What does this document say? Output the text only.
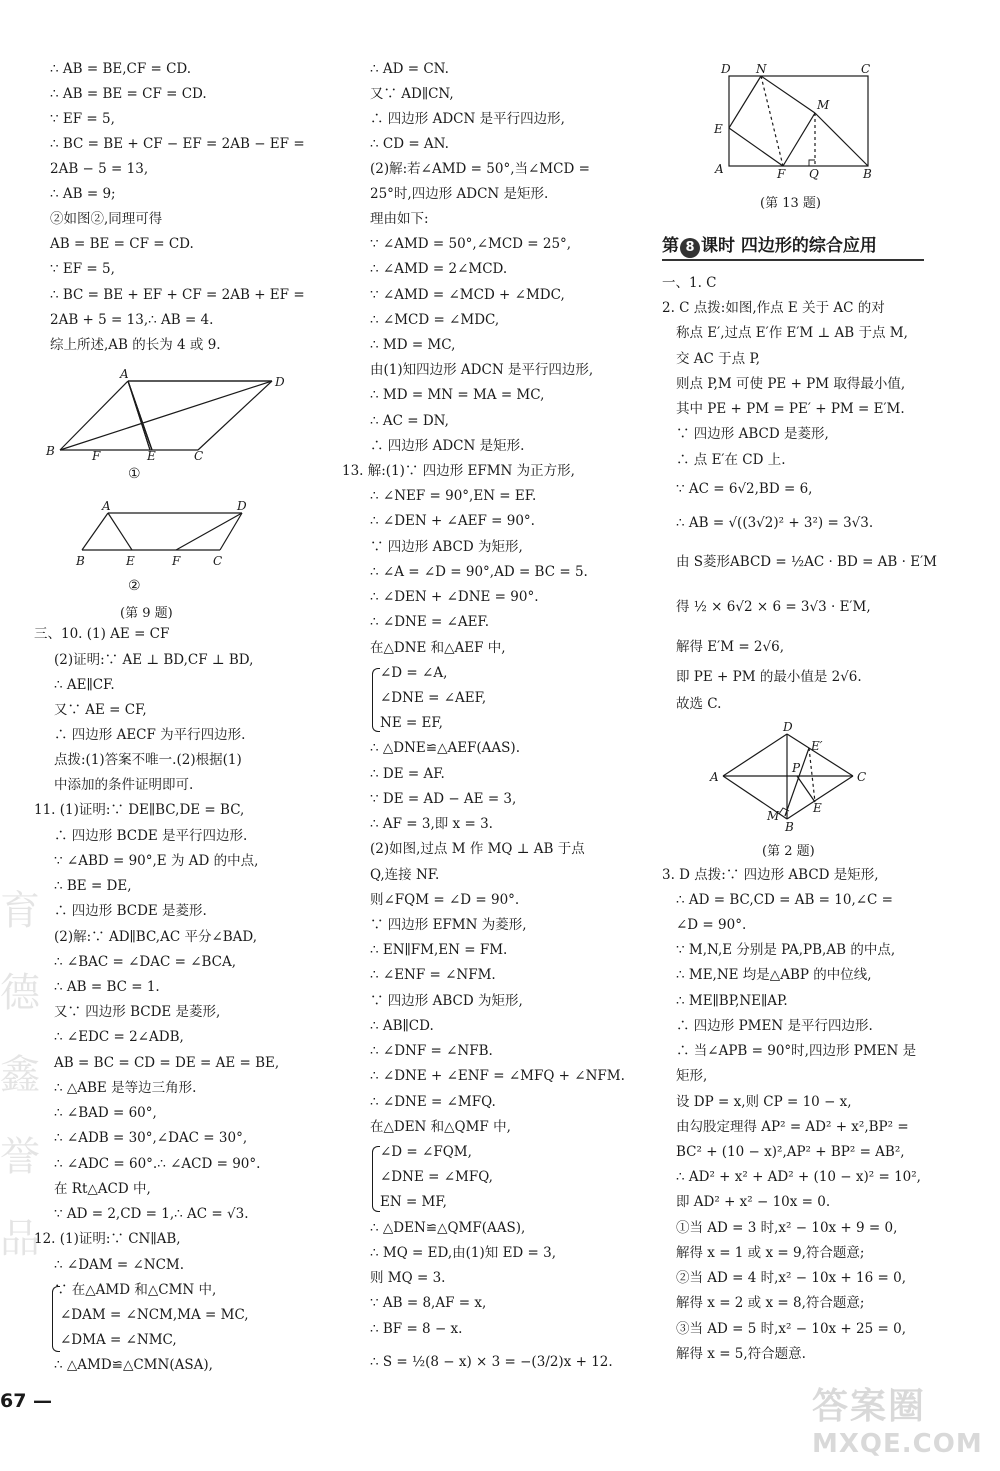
育 德 鑫 誉品
∴ AB = BE,CF = CD.
∴ AB = BE = CF = CD.
∵ EF = 5,
∴ BC = BE + CF − EF = 2AB − EF =
2AB − 5 = 13,
∴ AB = 9;
②如图②,同理可得
AB = BE = CF = CD.
∵ EF = 5,
∴ BC = BE + EF + CF = 2AB + EF =
2AB + 5 = 13,∴ AB = 4.
综上所述,AB 的长为 4 或 9.
A
D
B	F	E	C
①
A	D
B	E	F	C
②
(第 9 题)
三、10. (1) AE = CF
(2)证明:∵ AE ⊥ BD,CF ⊥ BD,
∴ AE∥CF.
又∵ AE = CF,
∴ 四边形 AECF 为平行四边形.
点拨:(1)答案不唯一.(2)根据(1)
中添加的条件证明即可.
11. (1)证明:∵ DE∥BC,DE = BC,
∴ 四边形 BCDE 是平行四边形.
∵ ∠ABD = 90°,E 为 AD 的中点,
∴ BE = DE,
∴ 四边形 BCDE 是菱形.
(2)解:∵ AD∥BC,AC 平分∠BAD,
∴ ∠BAC = ∠DAC = ∠BCA,
∴ AB = BC = 1.
又∵ 四边形 BCDE 是菱形,
∴ ∠EDC = 2∠ADB,
AB = BC = CD = DE = AE = BE,
∴ △ABE 是等边三角形.
∴ ∠BAD = 60°,
∴ ∠ADB = 30°,∠DAC = 30°,
∴ ∠ADC = 60°.∴ ∠ACD = 90°.
在 Rt△ACD 中,
∵ AD = 2,CD = 1,∴ AC = √3.
12. (1)证明:∵ CN∥AB,
∴ ∠DAM = ∠NCM.
∵ 在△AMD 和△CMN 中,
∠DAM = ∠NCM,MA = MC,
∠DMA = ∠NMC,
∴ △AMD≌△CMN(ASA),
67 —
∴ AD = CN.
又∵ AD∥CN,
∴ 四边形 ADCN 是平行四边形,
∴ CD = AN.
(2)解:若∠AMD = 50°,当∠MCD =
25°时,四边形 ADCN 是矩形.
理由如下:
∵ ∠AMD = 50°,∠MCD = 25°,
∴ ∠AMD = 2∠MCD.
∵ ∠AMD = ∠MCD + ∠MDC,
∴ ∠MCD = ∠MDC,
∴ MD = MC,
由(1)知四边形 ADCN 是平行四边形,
∴ MD = MN = MA = MC,
∴ AC = DN,
∴ 四边形 ADCN 是矩形.
13. 解:(1)∵ 四边形 EFMN 为正方形,
∴ ∠NEF = 90°,EN = EF.
∴ ∠DEN + ∠AEF = 90°.
∵ 四边形 ABCD 为矩形,
∴ ∠A = ∠D = 90°,AD = BC = 5.
∴ ∠DEN + ∠DNE = 90°.
∴ ∠DNE = ∠AEF.
在△DNE 和△AEF 中,
∠D = ∠A,
∠DNE = ∠AEF,
NE = EF,
∴ △DNE≌△AEF(AAS).
∴ DE = AF.
∵ DE = AD − AE = 3,
∴ AF = 3,即 x = 3.
(2)如图,过点 M 作 MQ ⊥ AB 于点
Q,连接 NF.
则∠FQM = ∠D = 90°.
∵ 四边形 EFMN 为菱形,
∴ EN∥FM,EN = FM.
∴ ∠ENF = ∠NFM.
∵ 四边形 ABCD 为矩形,
∴ AB∥CD.
∴ ∠DNF = ∠NFB.
∴ ∠DNE + ∠ENF = ∠MFQ + ∠NFM.
∴ ∠DNE = ∠MFQ.
在△DEN 和△QMF 中,
∠D = ∠FQM,
∠DNE = ∠MFQ,
EN = MF,
∴ △DEN≌△QMF(AAS),
∴ MQ = ED,由(1)知 ED = 3,
则 MQ = 3.
∵ AB = 8,AF = x,
∴ BF = 8 − x.
∴ S = ½(8 − x) × 3 = −(3/2)x + 12.
D N	C
M
E
A	F Q	B
(第 13 题)
第 8 课时 四边形的综合应用
一、1. C
2. C 点拨:如图,作点 E 关于 AC 的对
称点 E′,过点 E′作 E′M ⊥ AB 于点 M,
交 AC 于点 P,
则点 P,M 可使 PE + PM 取得最小值,
其中 PE + PM = PE′ + PM = E′M.
∵ 四边形 ABCD 是菱形,
∴ 点 E′在 CD 上.
∵ AC = 6√2,BD = 6,
∴ AB = √((3√2)² + 3²) = 3√3.
由 S菱形ABCD = ½AC · BD = AB · E′M
得 ½ × 6√2 × 6 = 3√3 · E′M,
解得 E′M = 2√6,
即 PE + PM 的最小值是 2√6.
故选 C.
D
E′
A
P
C
E
M
B
(第 2 题)
3. D 点拨:∵ 四边形 ABCD 是矩形,
∴ AD = BC,CD = AB = 10,∠C =
∠D = 90°.
∵ M,N,E 分别是 PA,PB,AB 的中点,
∴ ME,NE 均是△ABP 的中位线,
∴ ME∥BP,NE∥AP.
∴ 四边形 PMEN 是平行四边形.
∴ 当∠APB = 90°时,四边形 PMEN 是
矩形,
设 DP = x,则 CP = 10 − x,
由勾股定理得 AP² = AD² + x²,BP² =
BC² + (10 − x)²,AP² + BP² = AB²,
∴ AD² + x² + AD² + (10 − x)² = 10²,
即 AD² + x² − 10x = 0.
①当 AD = 3 时,x² − 10x + 9 = 0,
解得 x = 1 或 x = 9,符合题意;
②当 AD = 4 时,x² − 10x + 16 = 0,
解得 x = 2 或 x = 8,符合题意;
③当 AD = 5 时,x² − 10x + 25 = 0,
解得 x = 5,符合题意.
答案圈
MXQE.COM
